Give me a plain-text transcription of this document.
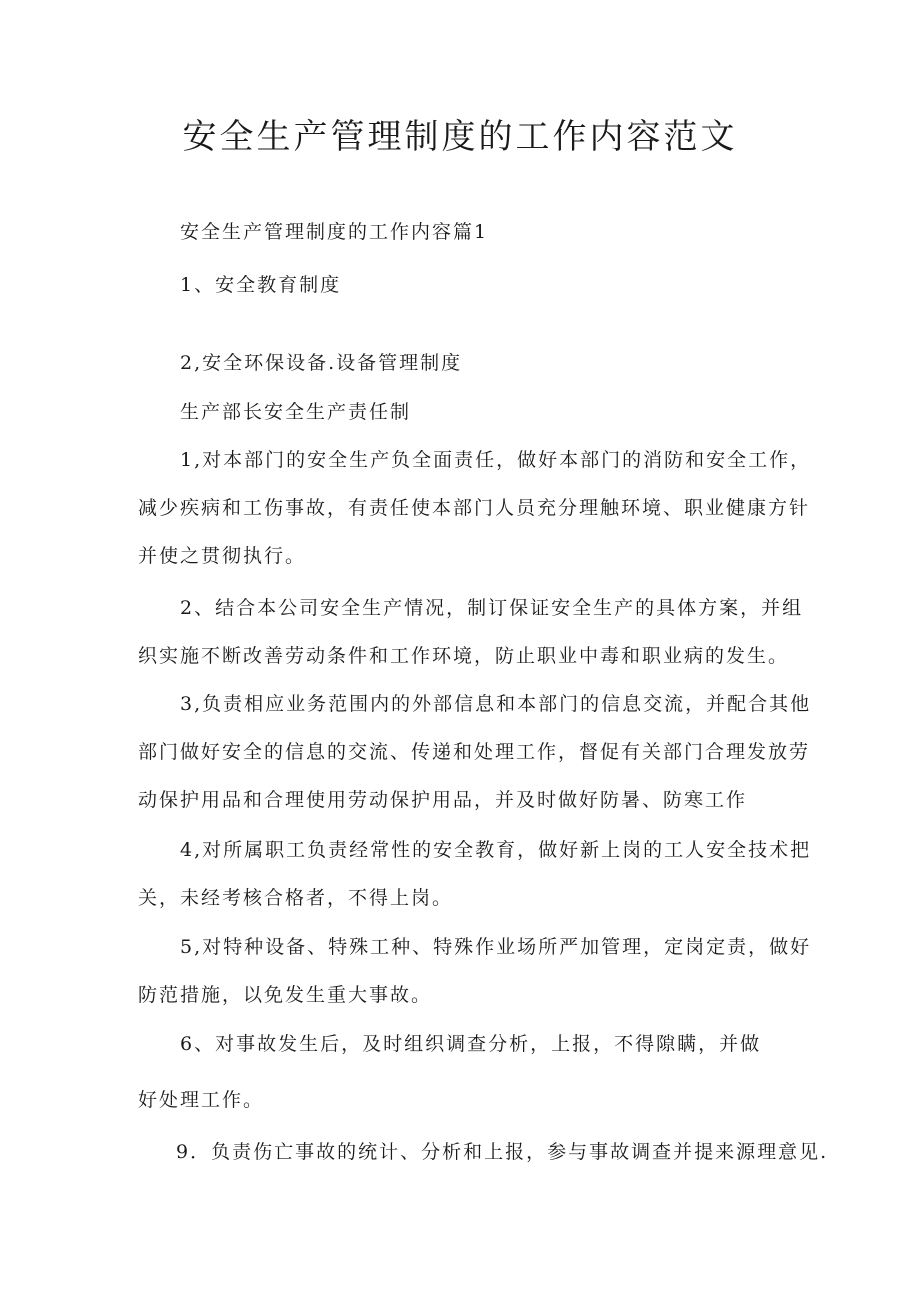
安全生产管理制度的工作内容范文
安全生产管理制度的工作内容篇1
1、安全教育制度
2,安全环保设备.设备管理制度
生产部长安全生产责任制
1,对本部门的安全生产负全面责任，做好本部门的消防和安全工作，
减少疾病和工伤事故，有责任使本部门人员充分理触环境、职业健康方针
并使之贯彻执行。
2、结合本公司安全生产情况，制订保证安全生产的具体方案，并组
织实施不断改善劳动条件和工作环境，防止职业中毒和职业病的发生。
3,负责相应业务范围内的外部信息和本部门的信息交流，并配合其他
部门做好安全的信息的交流、传递和处理工作，督促有关部门合理发放劳
动保护用品和合理使用劳动保护用品，并及时做好防暑、防寒工作
4,对所属职工负责经常性的安全教育，做好新上岗的工人安全技术把
关，未经考核合格者，不得上岗。
5,对特种设备、特殊工种、特殊作业场所严加管理，定岗定责，做好
防范措施，以免发生重大事故。
6、对事故发生后，及时组织调查分析，上报，不得隙瞒，并做
好处理工作。
9．负责伤亡事故的统计、分析和上报，参与事故调查并提来源理意见.
